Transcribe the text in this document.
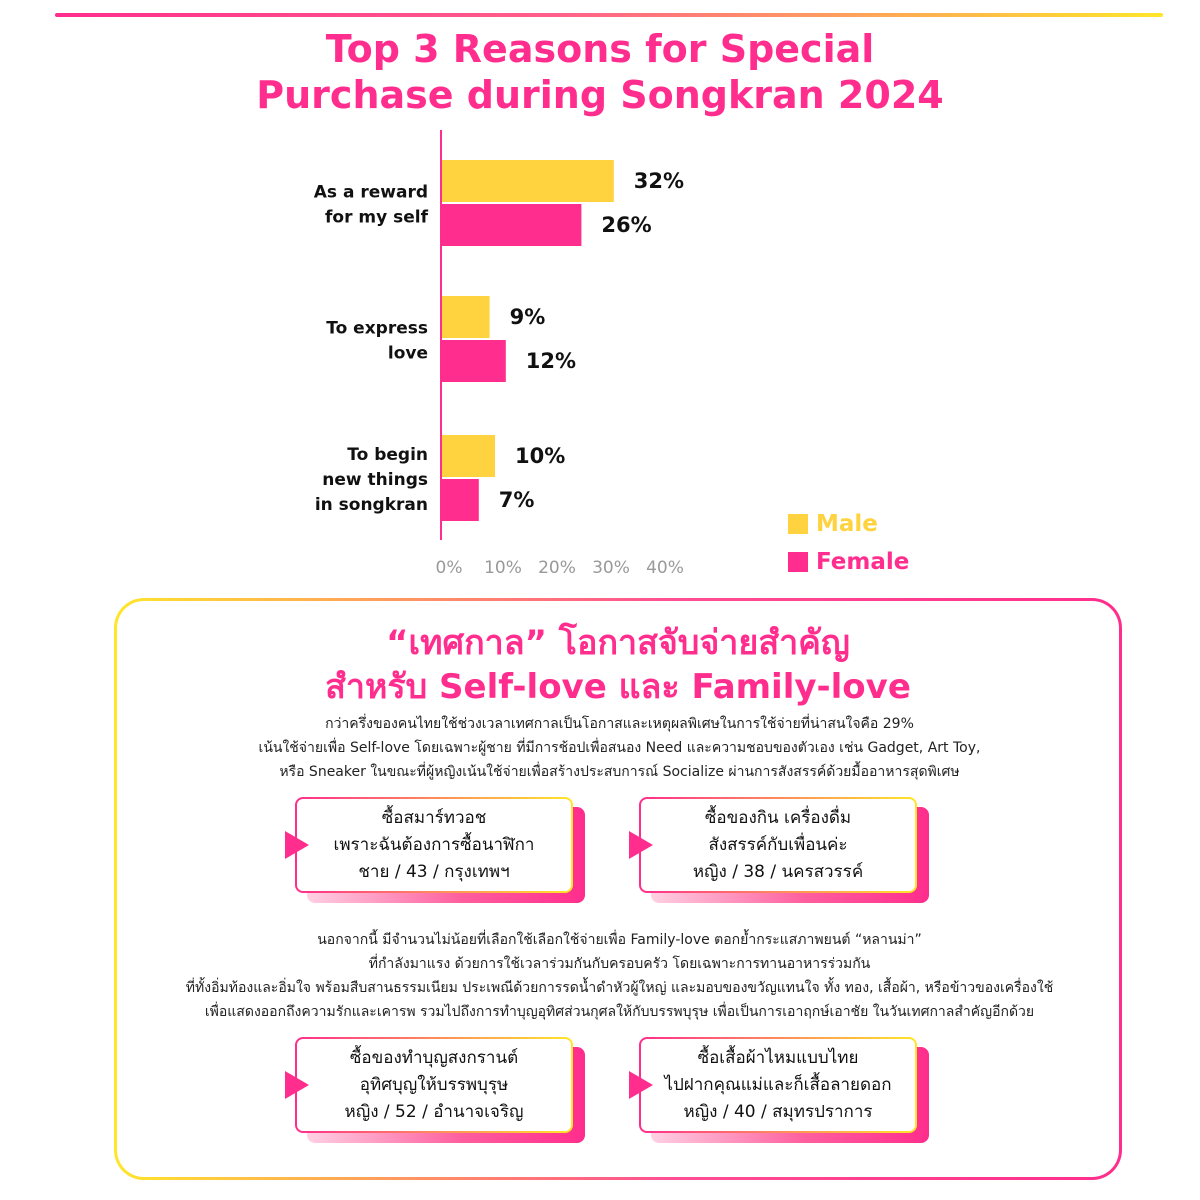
Top 3 Reasons for Special
Purchase during Songkran 2024
32%
26%
As a reward
for my self
9%
12%
To express
love
10%
7%
To begin
new things
in songkran
0% 10% 20% 30% 40%
Male
Female
“เทศกาล” โอกาสจับจ่ายสำคัญ
สำหรับ Self-love และ Family-love

กว่าครึ่งของคนไทยใช้ช่วงเวลาเทศกาลเป็นโอกาสและเหตุผลพิเศษในการใช้จ่ายที่น่าสนใจคือ 29%
เน้นใช้จ่ายเพื่อ Self-love โดยเฉพาะผู้ชาย ที่มีการช้อปเพื่อสนอง Need และความชอบของตัวเอง เช่น Gadget, Art Toy,
หรือ Sneaker ในขณะที่ผู้หญิงเน้นใช้จ่ายเพื่อสร้างประสบการณ์ Socialize ผ่านการสังสรรค์ด้วยมื้ออาหารสุดพิเศษ

ซื้อสมาร์ทวอช
เพราะฉันต้องการซื้อนาฬิกา
ชาย / 43 / กรุงเทพฯ
ซื้อของกิน เครื่องดื่ม
สังสรรค์กับเพื่อนค่ะ
หญิง / 38 / นครสวรรค์

นอกจากนี้ มีจำนวนไม่น้อยที่เลือกใช้เลือกใช้จ่ายเพื่อ Family-love ตอกย้ำกระแสภาพยนต์ “หลานม่า”
ที่กำลังมาแรง ด้วยการใช้เวลาร่วมกันกับครอบครัว โดยเฉพาะการทานอาหารร่วมกัน
ที่ทั้งอิ่มท้องและอิ่มใจ พร้อมสืบสานธรรมเนียม ประเพณีด้วยการรดน้ำดำหัวผู้ใหญ่ และมอบของขวัญแทนใจ ทั้ง ทอง, เสื้อผ้า, หรือข้าวของเครื่องใช้
เพื่อแสดงออกถึงความรักและเคารพ รวมไปถึงการทำบุญอุทิศส่วนกุศลให้กับบรรพบุรุษ เพื่อเป็นการเอาฤกษ์เอาชัย ในวันเทศกาลสำคัญอีกด้วย

ซื้อของทำบุญสงกรานต์
อุทิศบุญให้บรรพบุรุษ
หญิง / 52 / อำนาจเจริญ
ซื้อเสื้อผ้าไหมแบบไทย
ไปฝากคุณแม่และก็เสื้อลายดอก
หญิง / 40 / สมุทรปราการ
